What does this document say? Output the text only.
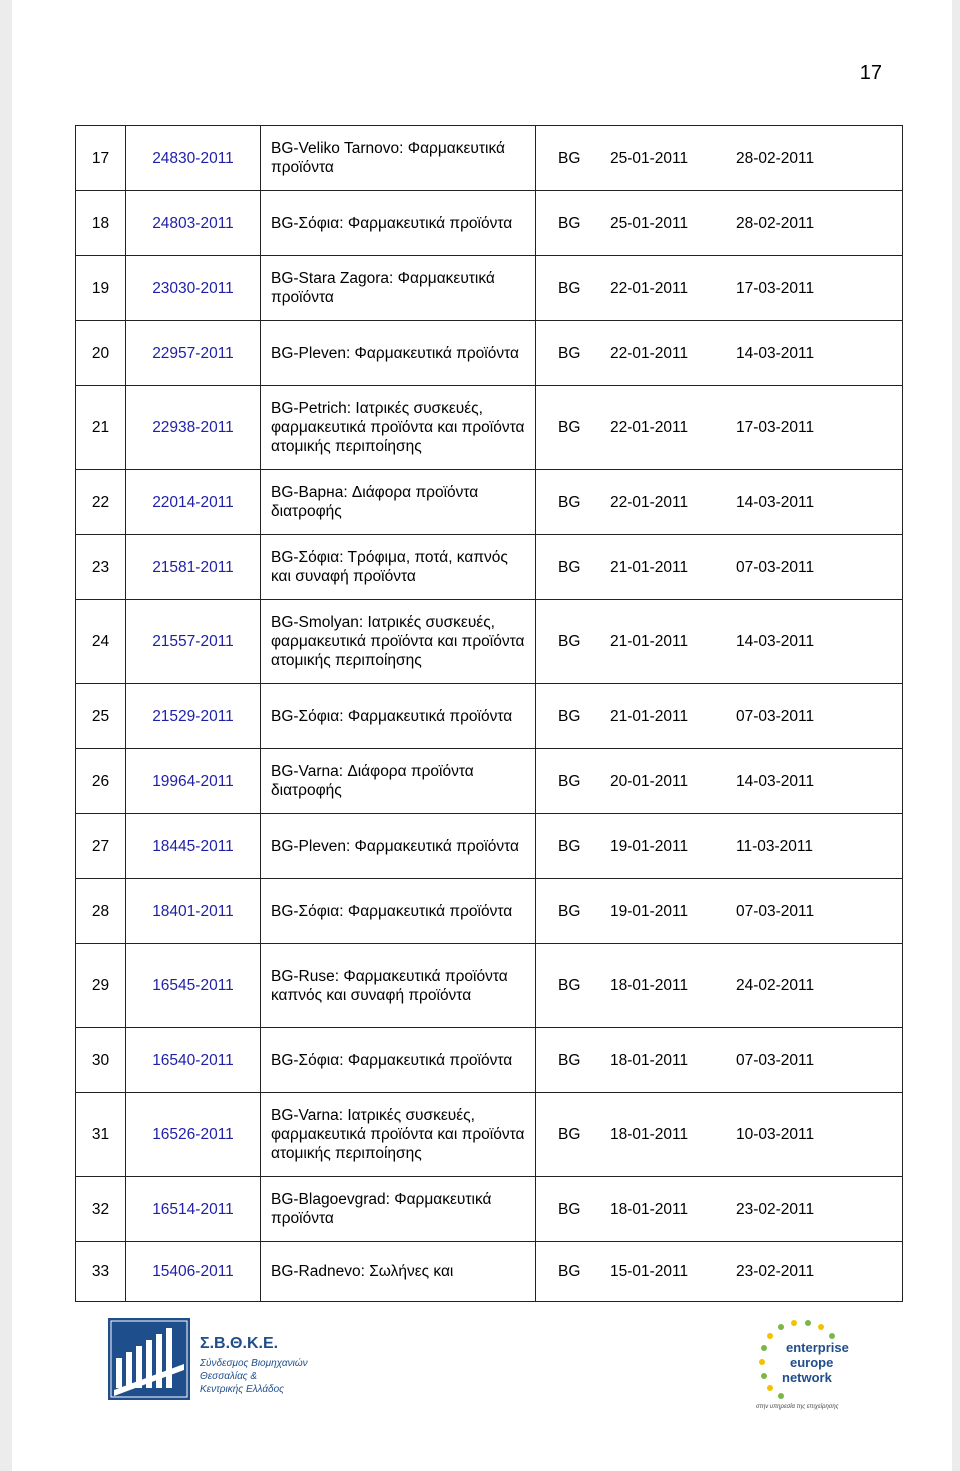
17
17	24830-2011	BG-Veliko Tarnovo: Φαρμακευτικά προϊόντα	BG 25-01-2011 28-02-2011

18	24803-2011	BG-Σόφια: Φαρμακευτικά προϊόντα	BG 25-01-2011 28-02-2011

19	23030-2011	BG-Stara Zagora: Φαρμακευτικά προϊόντα	BG 22-01-2011 17-03-2011

20	22957-2011	BG-Pleven: Φαρμακευτικά προϊόντα	BG 22-01-2011 14-03-2011

21	22938-2011	BG-Petrich: Ιατρικές συσκευές, φαρμακευτικά προϊόντα και προϊόντα ατομικής περιποίησης	BG 22-01-2011 17-03-2011

22	22014-2011	BG-Варна: Διάφορα προϊόντα διατροφής	BG 22-01-2011 14-03-2011

23	21581-2011	BG-Σόφια: Τρόφιμα, ποτά, καπνός και συναφή προϊόντα	BG 21-01-2011 07-03-2011

24	21557-2011	BG-Smolyan: Ιατρικές συσκευές, φαρμακευτικά προϊόντα και προϊόντα ατομικής περιποίησης	BG 21-01-2011 14-03-2011

25	21529-2011	BG-Σόφια: Φαρμακευτικά προϊόντα	BG 21-01-2011 07-03-2011

26	19964-2011	BG-Varna: Διάφορα προϊόντα διατροφής	BG 20-01-2011 14-03-2011

27	18445-2011	BG-Pleven: Φαρμακευτικά προϊόντα	BG 19-01-2011 11-03-2011

28	18401-2011	BG-Σόφια: Φαρμακευτικά προϊόντα	BG 19-01-2011 07-03-2011

29	16545-2011	BG-Ruse: Φαρμακευτικά προϊόντα καπνός και συναφή προϊόντα	BG 18-01-2011 24-02-2011

30	16540-2011	BG-Σόφια: Φαρμακευτικά προϊόντα	BG 18-01-2011 07-03-2011

31	16526-2011	BG-Varna: Ιατρικές συσκευές, φαρμακευτικά προϊόντα και προϊόντα ατομικής περιποίησης	BG 18-01-2011 10-03-2011

32	16514-2011	BG-Blagoevgrad: Φαρμακευτικά προϊόντα	BG 18-01-2011 23-02-2011

33	15406-2011	BG-Radnevo: Σωλήνες και	BG 15-01-2011 23-02-2011
Σ.Β.Θ.Κ.Ε.
Σύνδεσμος Βιομηχανιών
Θεσσαλίας &
Κεντρικής Ελλάδος
enterprise
europe
network
στην υπηρεσία της επιχείρησης
